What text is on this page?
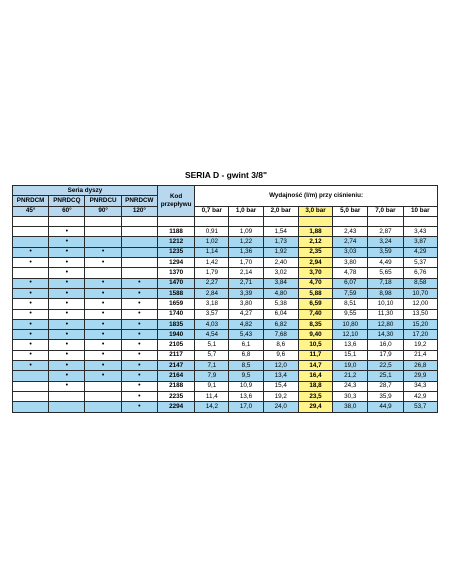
SERIA D - gwint 3/8"
Seria dyszy				Kod
przepływu	Wydajność (l/m) przy ciśnieniu:						
PNRDCM	PNRDCQ	PNRDCU	PNRDCW								
45°	60°	90°	120°		0,7 bar	1,0 bar	2,0 bar	3,0 bar	5,0 bar	7,0 bar	10 bar

	•			1188	0,91	1,09	1,54	1,88	2,43	2,87	3,43
	•			1212	1,02	1,22	1,73	2,12	2,74	3,24	3,87
•	•	•		1235	1,14	1,36	1,92	2,35	3,03	3,59	4,29
•	•	•		1294	1,42	1,70	2,40	2,94	3,80	4,49	5,37
	•			1370	1,79	2,14	3,02	3,70	4,78	5,65	6,76
•	•	•	•	1470	2,27	2,71	3,84	4,70	6,07	7,18	8,58
•	•	•	•	1588	2,84	3,39	4,80	5,88	7,59	8,98	10,70
•	•	•	•	1659	3,18	3,80	5,38	6,59	8,51	10,10	12,00
•	•	•	•	1740	3,57	4,27	6,04	7,40	9,55	11,30	13,50
•	•	•	•	1835	4,03	4,82	6,82	8,35	10,80	12,80	15,20
•	•	•	•	1940	4,54	5,43	7,68	9,40	12,10	14,30	17,20
•	•	•	•	2105	5,1	6,1	8,6	10,5	13,6	16,0	19,2
•	•	•	•	2117	5,7	6,8	9,6	11,7	15,1	17,9	21,4
•	•	•	•	2147	7,1	8,5	12,0	14,7	19,0	22,5	26,8
	•	•	•	2164	7,9	9,5	13,4	16,4	21,2	25,1	29,9
	•		•	2188	9,1	10,9	15,4	18,8	24,3	28,7	34,3
			•	2235	11,4	13,6	19,2	23,5	30,3	35,9	42,9
			•	2294	14,2	17,0	24,0	29,4	38,0	44,9	53,7
